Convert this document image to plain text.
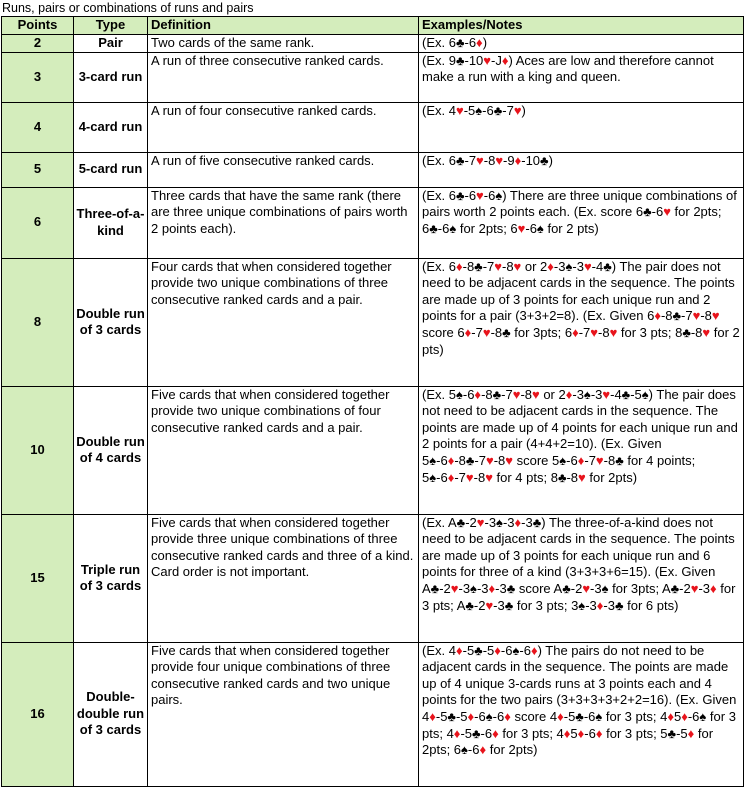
Runs, pairs or combinations of runs and pairs
Points	Type	Definition	Examples/Notes
2	Pair	Two cards of the same rank.	(Ex. 6♣-6♦)
3	3-card run	A run of three consecutive ranked cards.	(Ex. 9♣-10♥-J♦) Aces are low and therefore cannot make a run with a king and queen.
4	4-card run	A run of four consecutive ranked cards.	(Ex. 4♥-5♠-6♣-7♥)
5	5-card run	A run of five consecutive ranked cards.	(Ex. 6♣-7♥-8♥-9♦-10♣)
6	Three-of-a-kind	Three cards that have the same rank (there are three unique combinations of pairs worth 2 points each).	(Ex. 6♣-6♥-6♠) There are three unique combinations of pairs worth 2 points each. (Ex. score 6♣-6♥ for 2pts; 6♣-6♠ for 2pts; 6♥-6♠ for 2 pts)
8	Double run of 3 cards	Four cards that when considered together provide two unique combinations of three consecutive ranked cards and a pair.	(Ex. 6♦-8♣-7♥-8♥ or 2♦-3♠-3♥-4♣) The pair does not need to be adjacent cards in the sequence. The points are made up of 3 points for each unique run and 2 points for a pair (3+3+2=8). (Ex. Given 6♦-8♣-7♥-8♥ score 6♦-7♥-8♣ for 3pts; 6♦-7♥-8♥ for 3 pts; 8♣-8♥ for 2 pts)
10	Double run of 4 cards	Five cards that when considered together provide two unique combinations of four consecutive ranked cards and a pair.	(Ex. 5♠-6♦-8♣-7♥-8♥ or 2♦-3♠-3♥-4♣-5♠) The pair does not need to be adjacent cards in the sequence. The points are made up of 4 points for each unique run and 2 points for a pair (4+4+2=10). (Ex. Given 5♠-6♦-8♣-7♥-8♥ score 5♠-6♦-7♥-8♣ for 4 points; 5♠-6♦-7♥-8♥ for 4 pts; 8♣-8♥ for 2pts)
15	Triple run of 3 cards	Five cards that when considered together provide three unique combinations of three consecutive ranked cards and three of a kind. Card order is not important.	(Ex. A♣-2♥-3♠-3♦-3♣) The three-of-a-kind does not need to be adjacent cards in the sequence. The points are made up of 3 points for each unique run and 6 points for three of a kind (3+3+3+6=15). (Ex. Given A♣-2♥-3♠-3♦-3♣ score A♣-2♥-3♠ for 3pts; A♣-2♥-3♦ for 3 pts; A♣-2♥-3♣ for 3 pts; 3♠-3♦-3♣ for 6 pts)
16	Double-double run of 3 cards	Five cards that when considered together provide four unique combinations of three consecutive ranked cards and two unique pairs.	(Ex. 4♦-5♣-5♦-6♠-6♦) The pairs do not need to be adjacent cards in the sequence. The points are made up of 4 unique 3-cards runs at 3 points each and 4 points for the two pairs (3+3+3+3+2+2=16). (Ex. Given 4♦-5♣-5♦-6♠-6♦ score 4♦-5♣-6♠ for 3 pts; 4♦5♦-6♠ for 3 pts; 4♦-5♣-6♦ for 3 pts; 4♦5♦-6♦ for 3 pts; 5♣-5♦ for 2pts; 6♠-6♦ for 2pts)
